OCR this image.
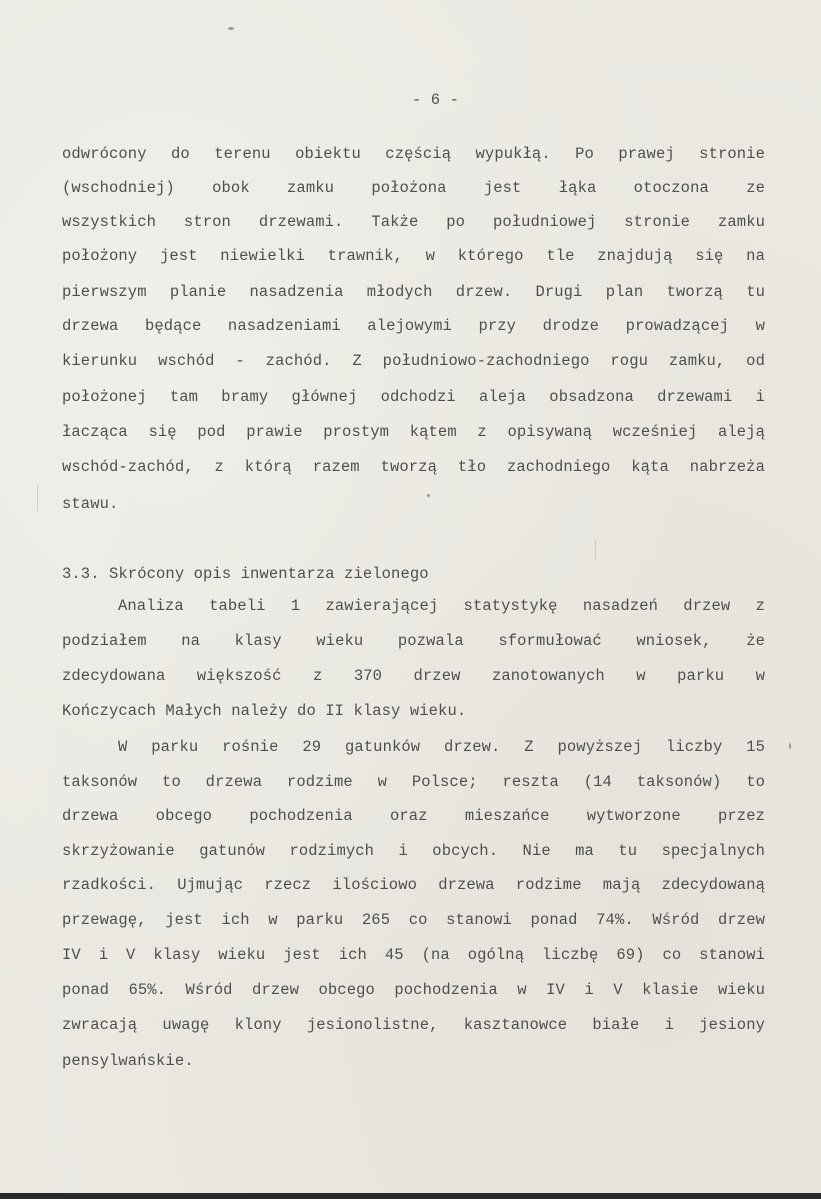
- 6 -
odwrócony do terenu obiektu częścią wypukłą. Po prawej stronie
(wschodniej) obok zamku położona jest łąka otoczona ze
wszystkich stron drzewami. Także po południowej stronie zamku
położony jest niewielki trawnik, w którego tle znajdują się na
pierwszym planie nasadzenia młodych drzew. Drugi plan tworzą tu
drzewa będące nasadzeniami alejowymi przy drodze prowadzącej w
kierunku wschód - zachód. Z południowo-zachodniego rogu zamku, od
położonej tam bramy głównej odchodzi aleja obsadzona drzewami i
łacząca się pod prawie prostym kątem z opisywaną wcześniej aleją
wschód-zachód, z którą razem tworzą tło zachodniego kąta nabrzeża
stawu.
3.3. Skrócony opis inwentarza zielonego
Analiza tabeli 1 zawierającej statystykę nasadzeń drzew z
podziałem na klasy wieku pozwala sformułować wniosek, że
zdecydowana większość z 370 drzew zanotowanych w parku w
Kończycach Małych należy do II klasy wieku.
W parku rośnie 29 gatunków drzew. Z powyższej liczby 15
taksonów to drzewa rodzime w Polsce; reszta (14 taksonów) to
drzewa obcego pochodzenia oraz mieszańce wytworzone przez
skrzyżowanie gatunów rodzimych i obcych. Nie ma tu specjalnych
rzadkości. Ujmując rzecz ilościowo drzewa rodzime mają zdecydowaną
przewagę, jest ich w parku 265 co stanowi ponad 74%. Wśród drzew
IV i V klasy wieku jest ich 45 (na ogólną liczbę 69) co stanowi
ponad 65%. Wśród drzew obcego pochodzenia w IV i V klasie wieku
zwracają uwagę klony jesionolistne, kasztanowce białe i jesiony
pensylwańskie.
